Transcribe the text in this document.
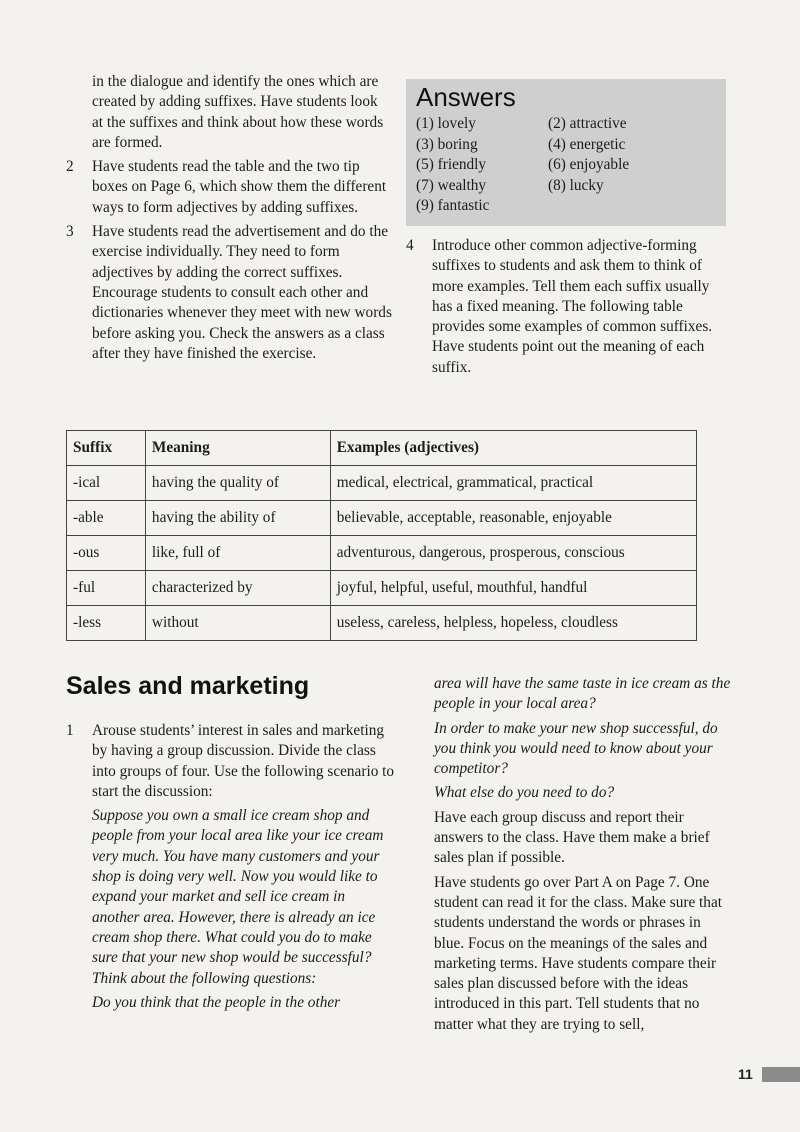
in the dialogue and identify the ones which are created by adding suffixes. Have students look at the suffixes and think about how these words are formed.
2 Have students read the table and the two tip boxes on Page 6, which show them the different ways to form adjectives by adding suffixes.
3 Have students read the advertisement and do the exercise individually. They need to form adjectives by adding the correct suffixes. Encourage students to consult each other and dictionaries whenever they meet with new words before asking you. Check the answers as a class after they have finished the exercise.
Answers
(1) lovely	(2) attractive
(3) boring	(4) energetic
(5) friendly	(6) enjoyable
(7) wealthy	(8) lucky
(9) fantastic
4 Introduce other common adjective-forming suffixes to students and ask them to think of more examples. Tell them each suffix usually has a fixed meaning. The following table provides some examples of common suffixes. Have students point out the meaning of each suffix.
Suffix	Meaning	Examples (adjectives)
-ical	having the quality of	medical, electrical, grammatical, practical
-able	having the ability of	believable, acceptable, reasonable, enjoyable
-ous	like, full of	adventurous, dangerous, prosperous, conscious
-ful	characterized by	joyful, helpful, useful, mouthful, handful
-less	without	useless, careless, helpless, hopeless, cloudless
Sales and marketing
1 Arouse students’ interest in sales and marketing by having a group discussion. Divide the class into groups of four. Use the following scenario to start the discussion:
Suppose you own a small ice cream shop and people from your local area like your ice cream very much. You have many customers and your shop is doing very well. Now you would like to expand your market and sell ice cream in another area. However, there is already an ice cream shop there. What could you do to make sure that your new shop would be successful? Think about the following questions:
Do you think that the people in the other
area will have the same taste in ice cream as the people in your local area?
In order to make your new shop successful, do you think you would need to know about your competitor?
What else do you need to do?
Have each group discuss and report their answers to the class. Have them make a brief sales plan if possible.
Have students go over Part A on Page 7. One student can read it for the class. Make sure that students understand the words or phrases in blue. Focus on the meanings of the sales and marketing terms. Have students compare their sales plan discussed before with the ideas introduced in this part. Tell students that no matter what they are trying to sell,
11
